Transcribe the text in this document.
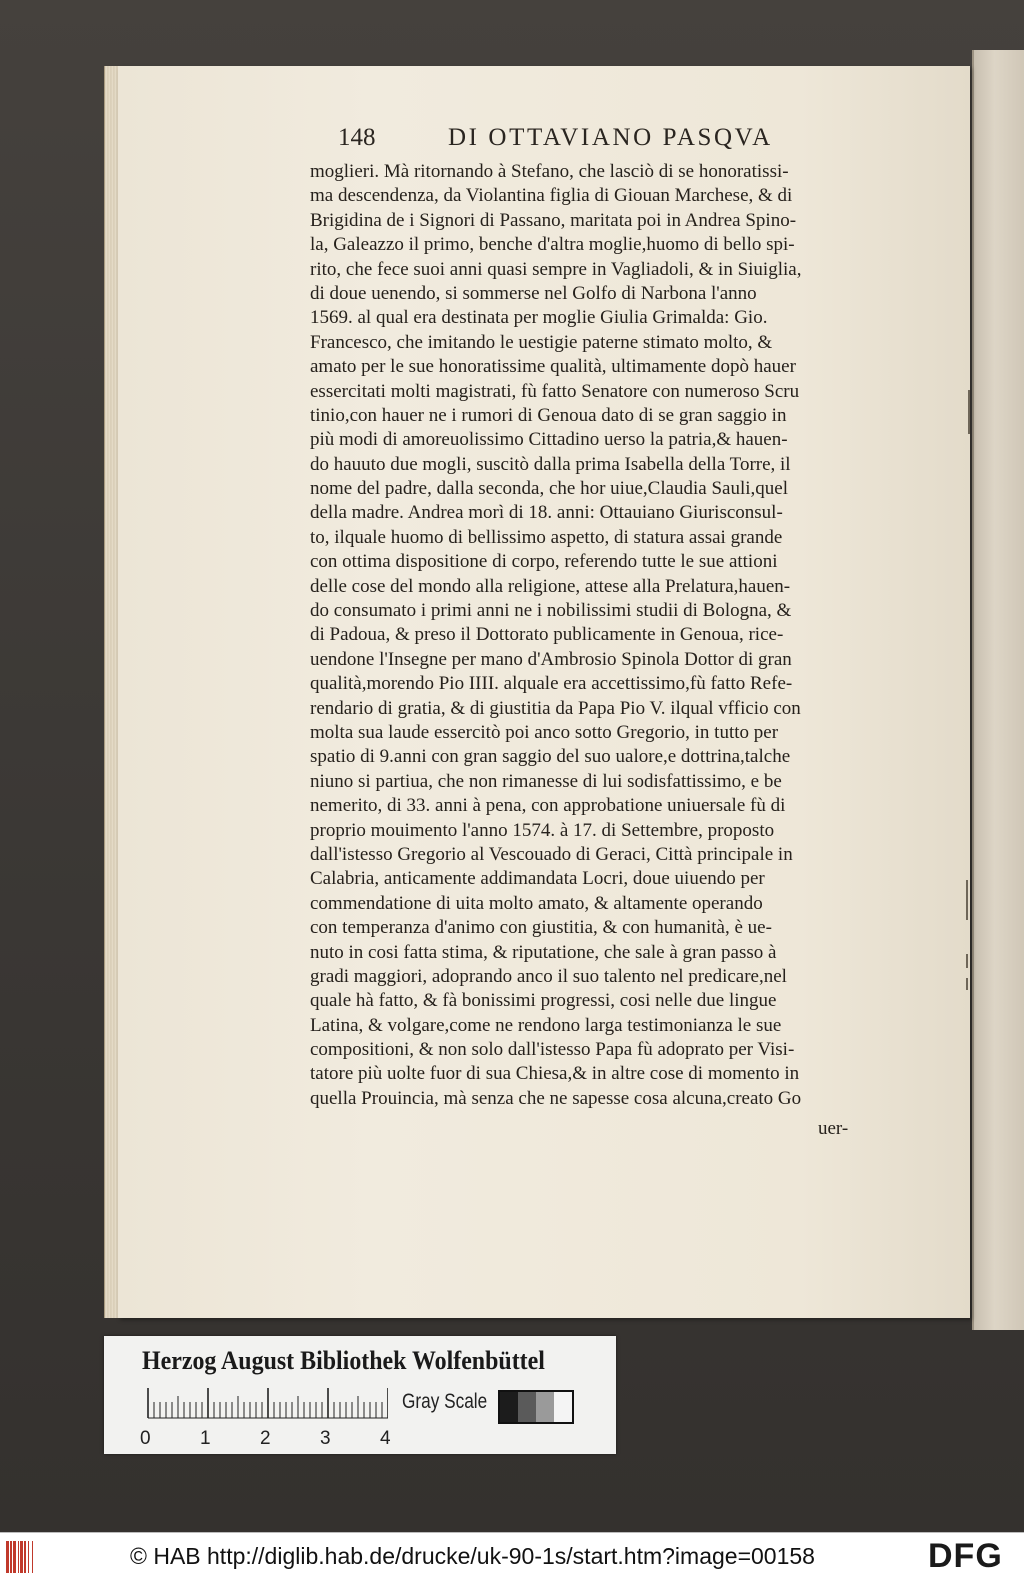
148	DI OTTAVIANO PASQVA
moglieri. Mà ritornando à Stefano, che lasciò di se honoratissi-
ma descendenza, da Violantina figlia di Giouan Marchese, & di
Brigidina de i Signori di Passano, maritata poi in Andrea Spino-
la, Galeazzo il primo, benche d'altra moglie,huomo di bello spi-
rito, che fece suoi anni quasi sempre in Vagliadoli, & in Siuiglia,
di doue uenendo, si sommerse nel Golfo di Narbona l'anno
1569. al qual era destinata per moglie Giulia Grimalda: Gio.
Francesco, che imitando le uestigie paterne stimato molto, &
amato per le sue honoratissime qualità, ultimamente dopò hauer
essercitati molti magistrati, fù fatto Senatore con numeroso Scru
tinio,con hauer ne i rumori di Genoua dato di se gran saggio in
più modi di amoreuolissimo Cittadino uerso la patria,& hauen-
do hauuto due mogli, suscitò dalla prima Isabella della Torre, il
nome del padre, dalla seconda, che hor uiue,Claudia Sauli,quel
della madre. Andrea morì di 18. anni: Ottauiano Giurisconsul-
to, ilquale huomo di bellissimo aspetto, di statura assai grande
con ottima dispositione di corpo, referendo tutte le sue attioni
delle cose del mondo alla religione, attese alla Prelatura,hauen-
do consumato i primi anni ne i nobilissimi studii di Bologna, &
di Padoua, & preso il Dottorato publicamente in Genoua, rice-
uendone l'Insegne per mano d'Ambrosio Spinola Dottor di gran
qualità,morendo Pio IIII. alquale era accettissimo,fù fatto Refe-
rendario di gratia, & di giustitia da Papa Pio V. ilqual vfficio con
molta sua laude essercitò poi anco sotto Gregorio, in tutto per
spatio di 9.anni con gran saggio del suo ualore,e dottrina,talche
niuno si partiua, che non rimanesse di lui sodisfattissimo, e be
nemerito, di 33. anni à pena, con approbatione uniuersale fù di
proprio mouimento l'anno 1574. à 17. di Settembre, proposto
dall'istesso Gregorio al Vescouado di Geraci, Città principale in
Calabria, anticamente addimandata Locri, doue uiuendo per
commendatione di uita molto amato, & altamente operando
con temperanza d'animo con giustitia, & con humanità, è ue-
nuto in cosi fatta stima, & riputatione, che sale à gran passo à
gradi maggiori, adoprando anco il suo talento nel predicare,nel
quale hà fatto, & fà bonissimi progressi, cosi nelle due lingue
Latina, & volgare,come ne rendono larga testimonianza le sue
compositioni, & non solo dall'istesso Papa fù adoprato per Visi-
tatore più uolte fuor di sua Chiesa,& in altre cose di momento in
quella Prouincia, mà senza che ne sapesse cosa alcuna,creato Go
uer-
Herzog August Bibliothek Wolfenbüttel
Gray Scale
0	1	2	3	4
© HAB http://diglib.hab.de/drucke/uk-90-1s/start.htm?image=00158	DFG
